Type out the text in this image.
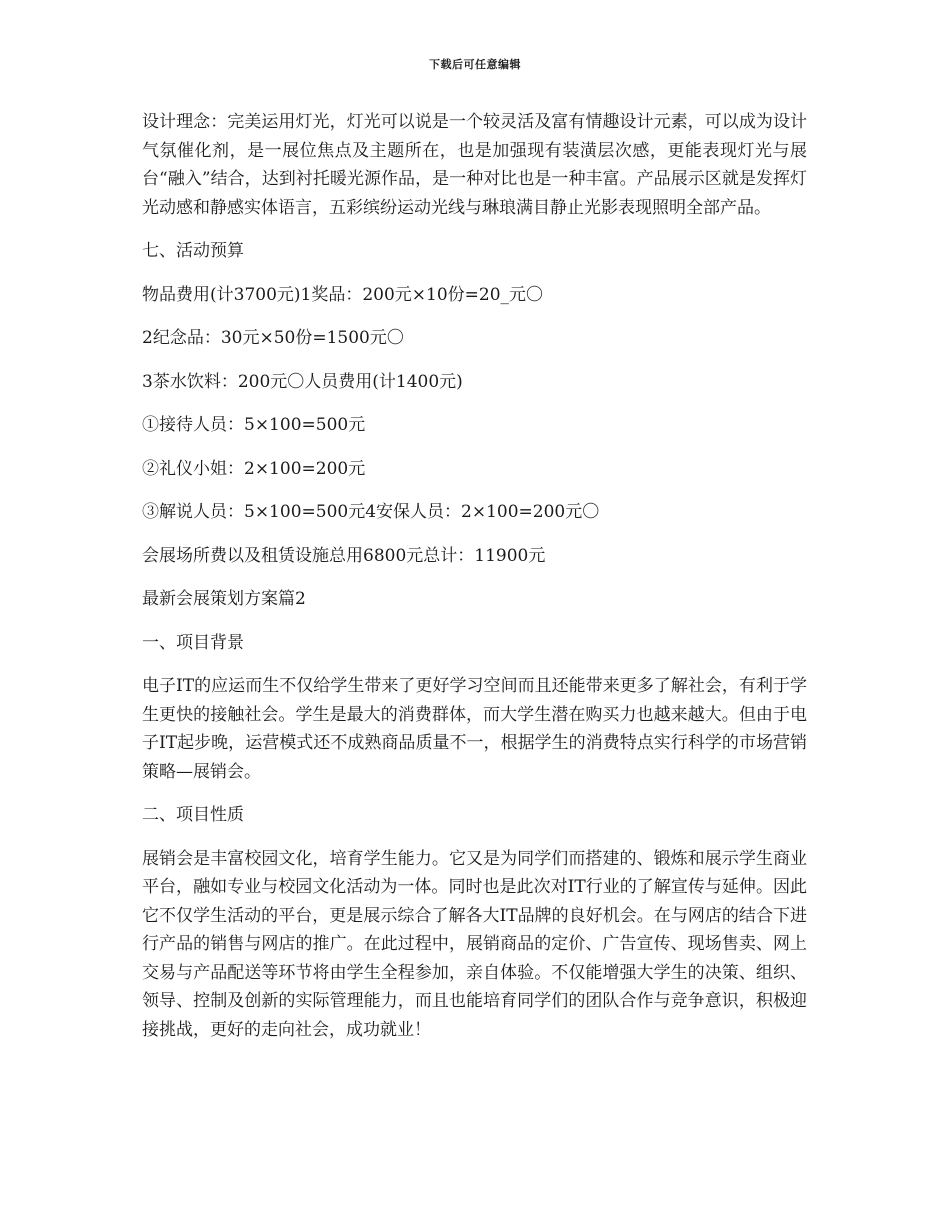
下载后可任意编辑

设计理念：完美运用灯光，灯光可以说是一个较灵活及富有情趣设计元素，可以成为设计气氛催化剂，是一展位焦点及主题所在，也是加强现有装潢层次感，更能表现灯光与展台“融入”结合，达到衬托暖光源作品，是一种对比也是一种丰富。产品展示区就是发挥灯光动感和静感实体语言，五彩缤纷运动光线与琳琅满目静止光影表现照明全部产品。

七、活动预算

物品费用(计3700元)1奖品：200元×10份=20_元〇

2纪念品：30元×50份=1500元〇

3茶水饮料：200元〇人员费用(计1400元)

①接待人员：5×100=500元

②礼仪小姐：2×100=200元

③解说人员：5×100=500元4安保人员：2×100=200元〇

会展场所费以及租赁设施总用6800元总计：11900元

最新会展策划方案篇2

一、项目背景

电子IT的应运而生不仅给学生带来了更好学习空间而且还能带来更多了解社会，有利于学生更快的接触社会。学生是最大的消费群体，而大学生潜在购买力也越来越大。但由于电子IT起步晚，运营模式还不成熟商品质量不一，根据学生的消费特点实行科学的市场营销策略—展销会。

二、项目性质

展销会是丰富校园文化，培育学生能力。它又是为同学们而搭建的、锻炼和展示学生商业平台，融如专业与校园文化活动为一体。同时也是此次对IT行业的了解宣传与延伸。因此它不仅学生活动的平台，更是展示综合了解各大IT品牌的良好机会。在与网店的结合下进行产品的销售与网店的推广。在此过程中，展销商品的定价、广告宣传、现场售卖、网上交易与产品配送等环节将由学生全程参加，亲自体验。不仅能增强大学生的决策、组织、领导、控制及创新的实际管理能力，而且也能培育同学们的团队合作与竞争意识，积极迎接挑战，更好的走向社会，成功就业！
